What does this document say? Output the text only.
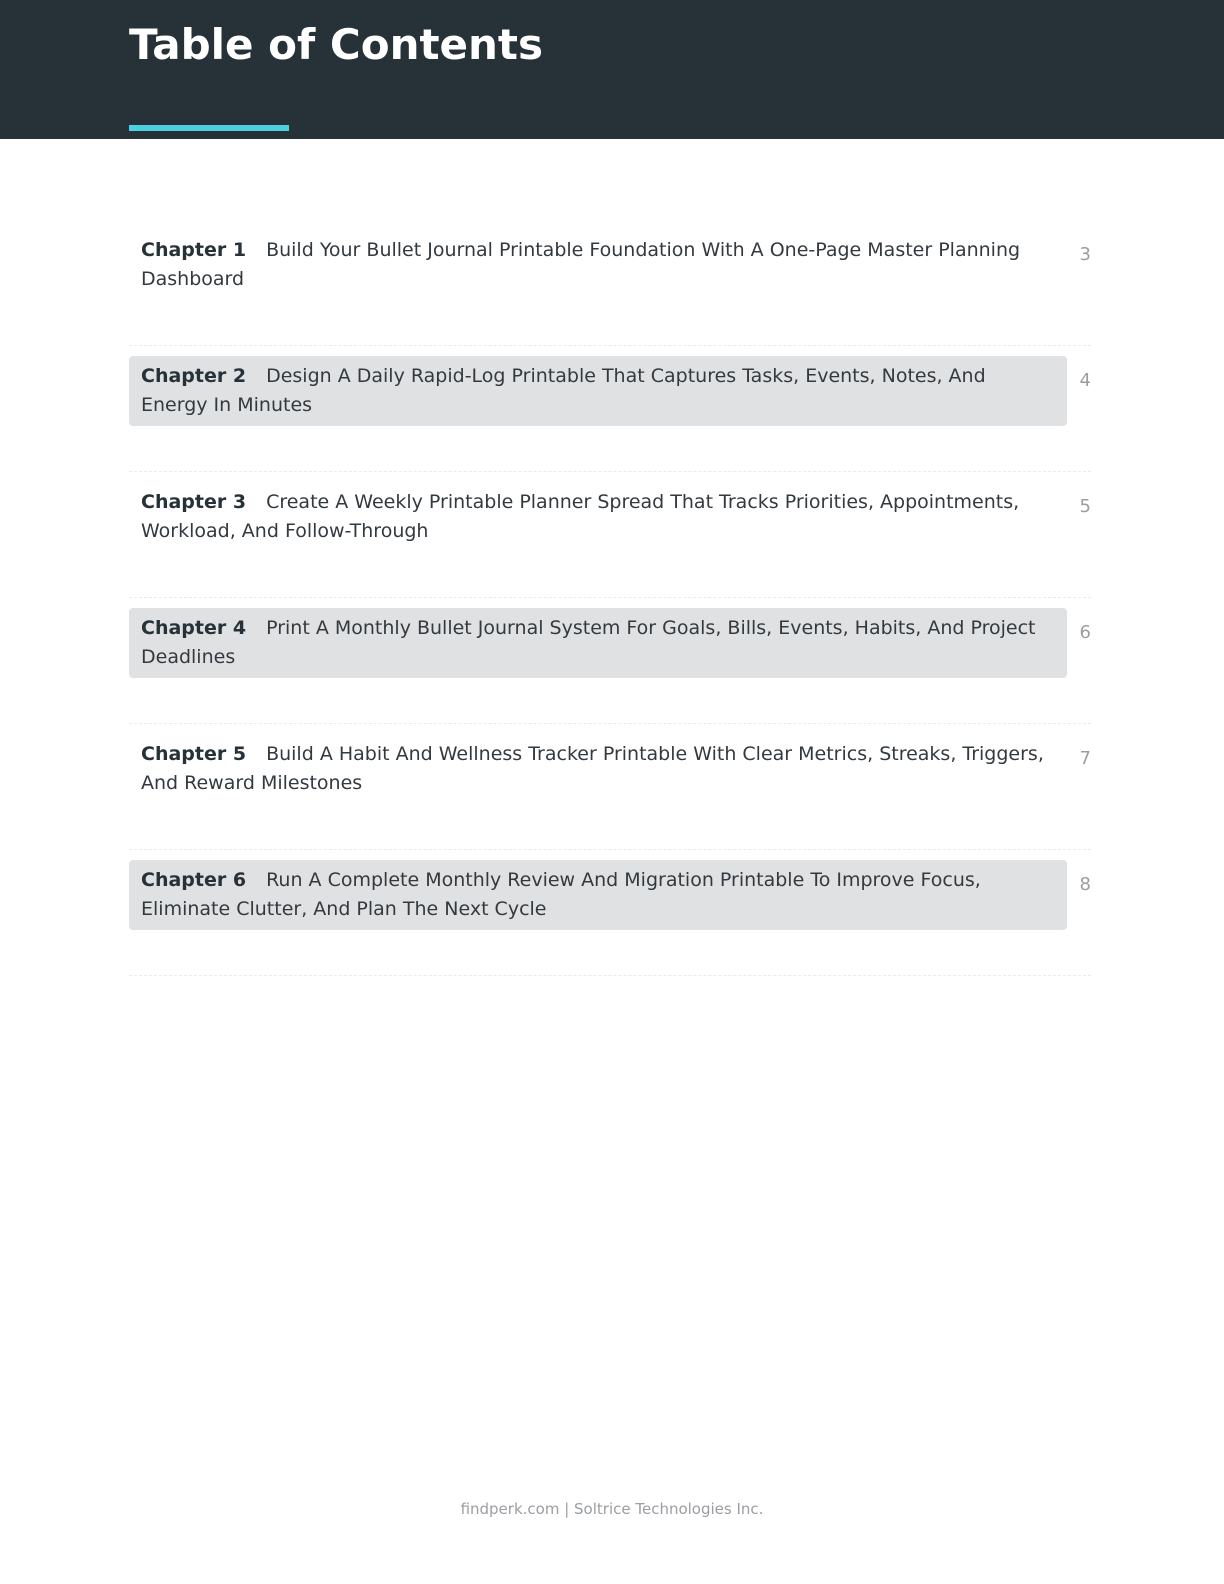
Table of Contents
Chapter 1 Build Your Bullet Journal Printable Foundation With A One-Page Master Planning Dashboard
3
Chapter 2 Design A Daily Rapid-Log Printable That Captures Tasks, Events, Notes, And Energy In Minutes
4
Chapter 3 Create A Weekly Printable Planner Spread That Tracks Priorities, Appointments, Workload, And Follow-Through
5
Chapter 4 Print A Monthly Bullet Journal System For Goals, Bills, Events, Habits, And Project Deadlines
6
Chapter 5 Build A Habit And Wellness Tracker Printable With Clear Metrics, Streaks, Triggers, And Reward Milestones
7
Chapter 6 Run A Complete Monthly Review And Migration Printable To Improve Focus, Eliminate Clutter, And Plan The Next Cycle
8
findperk.com | Soltrice Technologies Inc.
